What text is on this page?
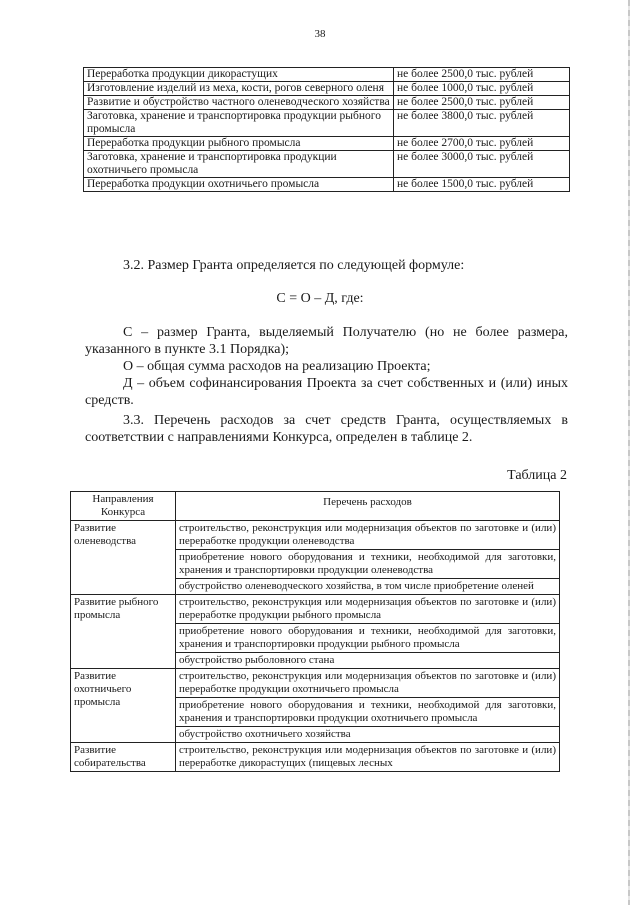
38
Переработка продукции дикорастущих	не более 2500,0 тыс. рублей
Изготовление изделий из меха, кости, рогов северного оленя	не более 1000,0 тыс. рублей
Развитие и обустройство частного оленеводческого хозяйства	не более 2500,0 тыс. рублей
Заготовка, хранение и транспортировка продукции рыбного промысла	не более 3800,0 тыс. рублей
Переработка продукции рыбного промысла	не более 2700,0 тыс. рублей
Заготовка, хранение и транспортировка продукции охотничьего промысла	не более 3000,0 тыс. рублей
Переработка продукции охотничьего промысла	не более 1500,0 тыс. рублей
3.2. Размер Гранта определяется по следующей формуле:
С = О – Д, где:
С – размер Гранта, выделяемый Получателю (но не более размера, указанного в пункте 3.1 Порядка);
О – общая сумма расходов на реализацию Проекта;
Д – объем софинансирования Проекта за счет собственных и (или) иных средств.
3.3. Перечень расходов за счет средств Гранта, осуществляемых в соответствии с направлениями Конкурса, определен в таблице 2.
Таблица 2
Направления Конкурса	Перечень расходов
Развитие оленеводства	строительство, реконструкция или модернизация объектов по заготовке и (или) переработке продукции оленеводства
	приобретение нового оборудования и техники, необходимой для заготовки, хранения и транспортировки продукции оленеводства
	обустройство оленеводческого хозяйства, в том числе приобретение оленей
Развитие рыбного промысла	строительство, реконструкция или модернизация объектов по заготовке и (или) переработке продукции рыбного промысла
	приобретение нового оборудования и техники, необходимой для заготовки, хранения и транспортировки продукции рыбного промысла
	обустройство рыболовного стана
Развитие охотничьего промысла	строительство, реконструкция или модернизация объектов по заготовке и (или) переработке продукции охотничьего промысла
	приобретение нового оборудования и техники, необходимой для заготовки, хранения и транспортировки продукции охотничьего промысла
	обустройство охотничьего хозяйства
Развитие собирательства	строительство, реконструкция или модернизация объектов по заготовке и (или) переработке дикорастущих (пищевых лесных
